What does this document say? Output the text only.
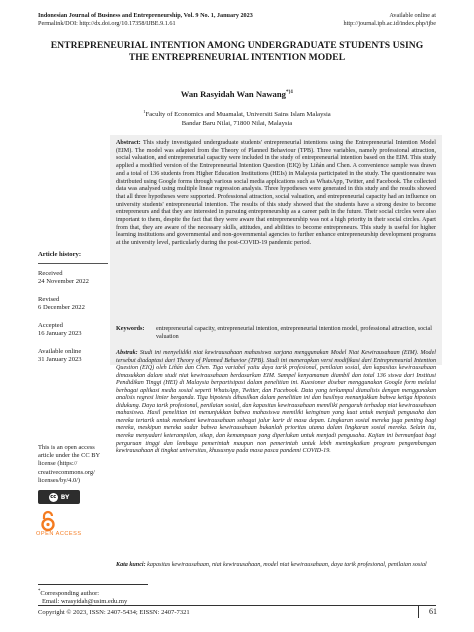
Indonesian Journal of Business and Entrepreneurship, Vol. 9 No. 1, January 2023
Permalink/DOI: http://dx.doi.org/10.17358/IJBE.9.1.61
Available online at
http://journal.ipb.ac.id/index.php/ijbe
ENTREPRENEURIAL INTENTION AMONG UNDERGRADUATE STUDENTS USING
THE ENTREPRENEURIAL INTENTION MODEL
Wan Rasyidah Wan Nawang$^{*)1}$
$^1$Faculty of Economics and Muamalat, Universiti Sains Islam Malaysia
Bandar Baru Nilai, 71800 Nilai, Malaysia
Abstract: This study investigated undergraduate students' entrepreneurial intentions using the Entrepreneurial Intention Model (EIM). The model was adapted from the Theory of Planned Behaviour (TPB). Three variables, namely professional attraction, social valuation, and entrepreneurial capacity were included in the study of entrepreneurial intention based on the EIM. This study applied a modified version of the Entrepreneurial Intention Question (EIQ) by Liñán and Chen. A convenience sample was drawn and a total of 136 students from Higher Education Institutions (HEIs) in Malaysia participated in the study. The questionnaire was distributed using Google forms through various social media applications such as WhatsApp, Twitter, and Facebook. The collected data was analysed using multiple linear regression analysis. Three hypotheses were generated in this study and the results showed that all three hypotheses were supported. Professional attraction, social valuation, and entrepreneurial capacity had an influence on university students' entrepreneurial intention. The results of this study showed that the students have a strong desire to become entrepreneurs and that they are interested in pursuing entrepreneurship as a career path in the future. Their social circles were also important to them, despite the fact that they were aware that entrepreneurship was not a high priority in their social circles. Apart from that, they are aware of the necessary skills, attitudes, and abilities to become entrepreneurs. This study is useful for higher learning institutions and governmental and non-governmental agencies to further enhance entrepreneurship development programs at the university level, particularly during the post-COVID-19 pandemic period.
Keywords:	entrepreneurial capacity, entrepreneurial intention, entrepreneurial intention model, professional attraction, social valuation
Abstrak: Studi ini menyelidiki niat kewirausahaan mahasiswa sarjana menggunakan Model Niat Kewirausahaan (EIM). Model tersebut diadaptasi dari Theory of Planned Behavior (TPB). Studi ini menerapkan versi modifikasi dari Entrepreneurial Intention Question (EIQ) oleh Liñán dan Chen. Tiga variabel yaitu daya tarik profesional, penilaian sosial, dan kapasitas kewirausahaan dimasukkan dalam studi niat kewirausahaan berdasarkan EIM. Sampel kenyamanan diambil dan total 136 siswa dari Institusi Pendidikan Tinggi (HEI) di Malaysia berpartisipasi dalam penelitian ini. Kuesioner disebar menggunakan Google form melalui berbagai aplikasi media sosial seperti WhatsApp, Twitter, dan Facebook. Data yang terkumpul dianalisis dengan menggunakan analisis regresi linier berganda. Tiga hipotesis dihasilkan dalam penelitian ini dan hasilnya menunjukkan bahwa ketiga hipotesis didukung. Daya tarik profesional, penilaian sosial, dan kapasitas kewirausahaan memiliki pengaruh terhadap niat kewirausahaan mahasiswa. Hasil penelitian ini menunjukkan bahwa mahasiswa memiliki keinginan yang kuat untuk menjadi pengusaha dan mereka tertarik untuk menekuni kewirausahaan sebagai jalur karir di masa depan. Lingkaran sosial mereka juga penting bagi mereka, meskipun mereka sadar bahwa kewirausahaan bukanlah prioritas utama dalam lingkaran sosial mereka. Selain itu, mereka menyadari keterampilan, sikap, dan kemampuan yang diperlukan untuk menjadi pengusaha. Kajian ini bermanfaat bagi perguruan tinggi dan lembaga pemerintah maupun non pemerintah untuk lebih meningkatkan program pengembangan kewirausahaan di tingkat universitas, khususnya pada masa pasca pandemi COVID-19.
Kata kunci: kapasitas kewirausahaan, niat kewirausahaan, model niat kewirausahaan, daya tarik profesional, penilaian sosial
Article history:
Received
24 November 2022
Revised
6 December 2022
Accepted
16 January 2023
Available online
31 January 2023
This is an open access article under the CC BY license (https:// creativecommons.org/ licenses/by/4.0/)
cc BY
OPEN ACCESS
*Corresponding author:
Email: wrasyidah@usim.edu.my
Copyright © 2023, ISSN: 2407-5434; EISSN: 2407-7321	61
